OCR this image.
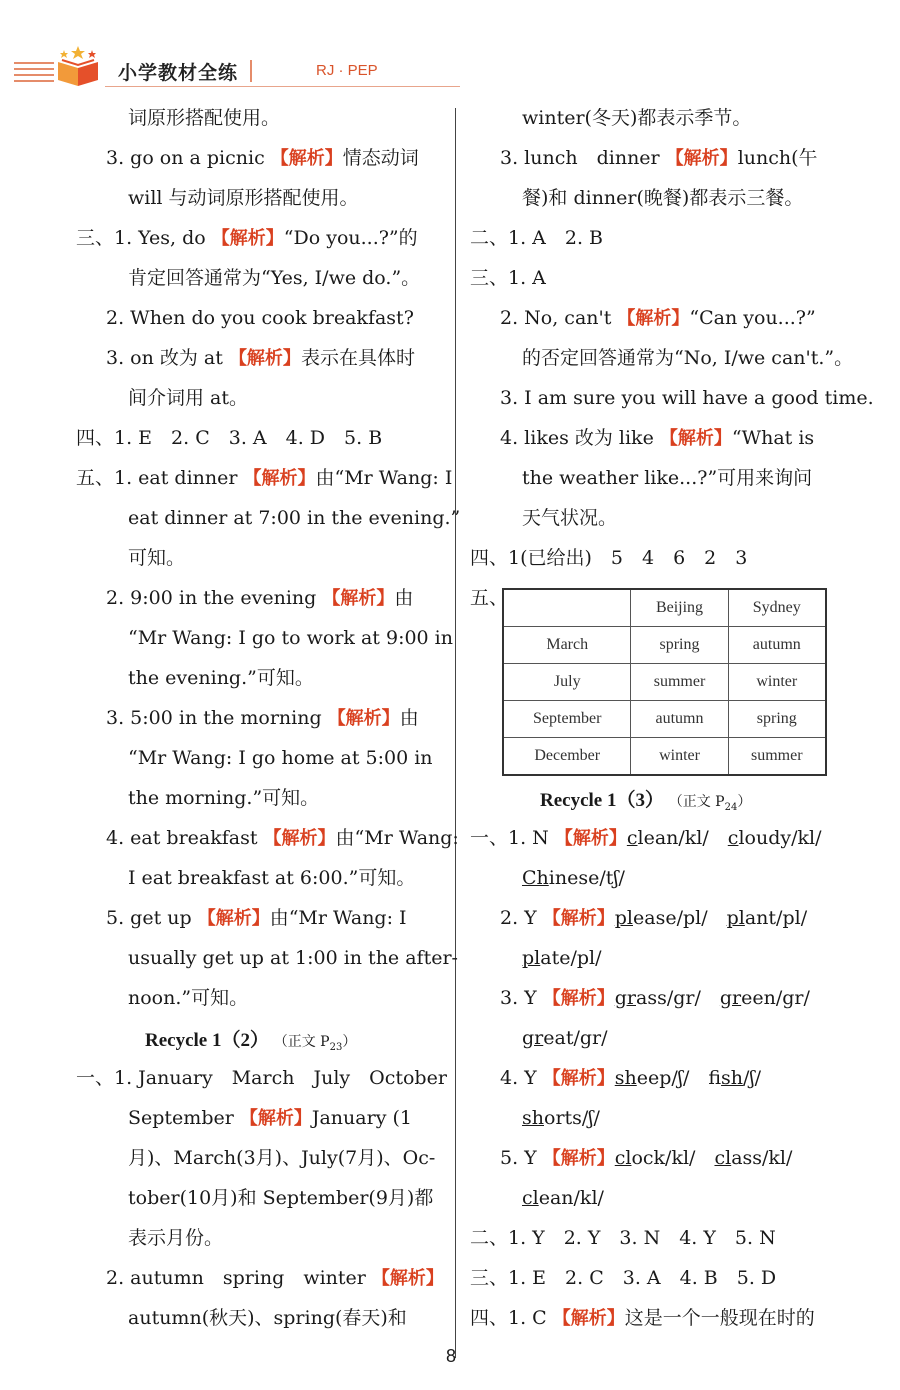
小学教材全练	RJ · PEP
词原形搭配使用。
3. go on a picnic 【解析】情态动词
will 与动词原形搭配使用。
三、1. Yes, do 【解析】“Do you...?”的
肯定回答通常为“Yes, I/we do.”。
2. When do you cook breakfast?
3. on 改为 at 【解析】表示在具体时
间介词用 at。
四、1. E　2. C　3. A　4. D　5. B
五、1. eat dinner 【解析】由“Mr Wang: I
eat dinner at 7:00 in the evening.”
可知。
2. 9:00 in the evening 【解析】由
“Mr Wang: I go to work at 9:00 in
the evening.”可知。
3. 5:00 in the morning 【解析】由
“Mr Wang: I go home at 5:00 in
the morning.”可知。
4. eat breakfast 【解析】由“Mr Wang:
I eat breakfast at 6:00.”可知。
5. get up 【解析】由“Mr Wang: I
usually get up at 1:00 in the after-
noon.”可知。
一、1. January　March　July　October
September 【解析】January (1
月)、March(3月)、July(7月)、Oc-
tober(10月)和 September(9月)都
表示月份。
2. autumn　spring　winter 【解析】
autumn(秋天)、spring(春天)和
winter(冬天)都表示季节。
3. lunch　dinner 【解析】lunch(午
餐)和 dinner(晚餐)都表示三餐。
二、1. A　2. B
三、1. A
2. No, can't 【解析】“Can you...?”
的否定回答通常为“No, I/we can't.”。
3. I am sure you will have a good time.
4. likes 改为 like 【解析】“What is
the weather like...?”可用来询问
天气状况。
四、1(已给出)　5　4　6　2　3
五、
一、1. N 【解析】clean/kl/　cloudy/kl/
Chinese/tʃ/
2. Y 【解析】please/pl/　plant/pl/
plate/pl/
3. Y 【解析】grass/gr/　green/gr/
great/gr/
4. Y 【解析】sheep/ʃ/　fish/ʃ/
shorts/ʃ/
5. Y 【解析】clock/kl/　class/kl/
clean/kl/
二、1. Y　2. Y　3. N　4. Y　5. N
三、1. E　2. C　3. A　4. B　5. D
四、1. C 【解析】这是一个一般现在时的
Recycle 1（2） （正文 $P_{23}$）
Recycle 1（3） （正文 $P_{24}$）
	Beijing	Sydney
March	spring	autumn
July	summer	winter
September	autumn	spring
December	winter	summer
8
